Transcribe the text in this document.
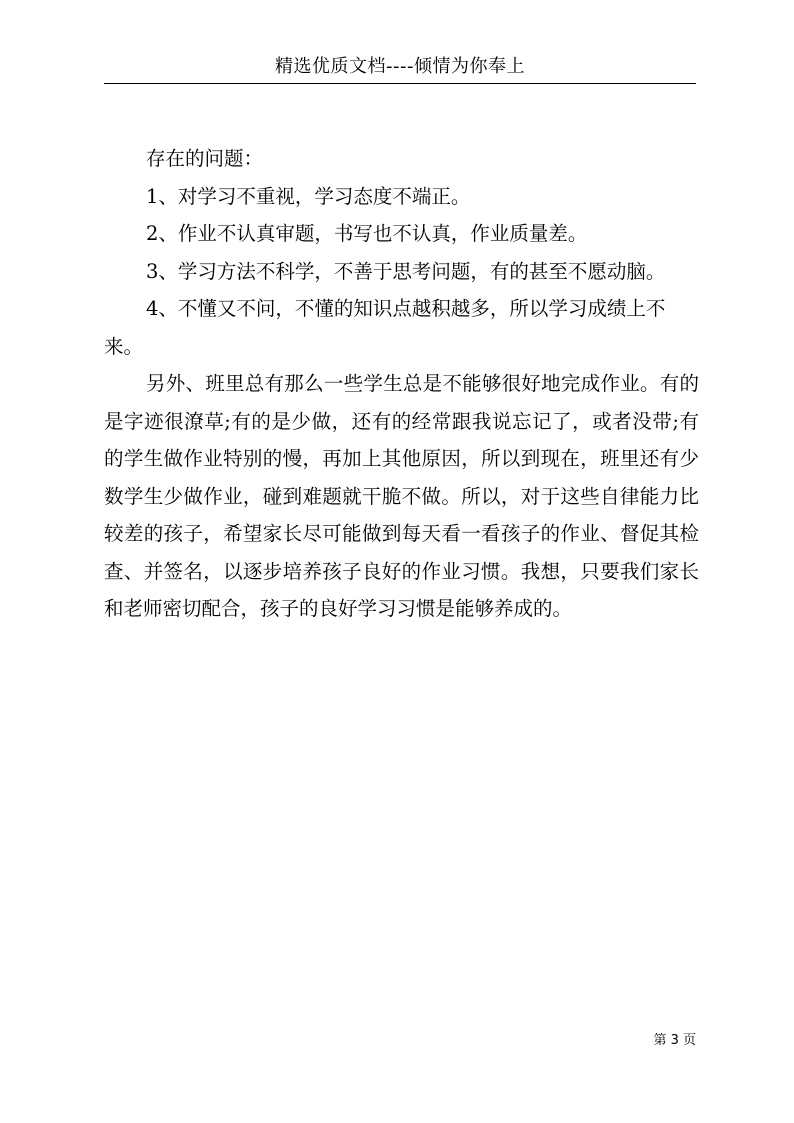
精选优质文档----倾情为你奉上

存在的问题：

1、对学习不重视，学习态度不端正。

2、作业不认真审题，书写也不认真，作业质量差。

3、学习方法不科学，不善于思考问题，有的甚至不愿动脑。

4、不懂又不问，不懂的知识点越积越多，所以学习成绩上不来。

另外、班里总有那么一些学生总是不能够很好地完成作业。有的是字迹很潦草;有的是少做，还有的经常跟我说忘记了，或者没带;有的学生做作业特别的慢，再加上其他原因，所以到现在，班里还有少数学生少做作业，碰到难题就干脆不做。所以，对于这些自律能力比较差的孩子，希望家长尽可能做到每天看一看孩子的作业、督促其检查、并签名，以逐步培养孩子良好的作业习惯。我想，只要我们家长和老师密切配合，孩子的良好学习习惯是能够养成的。

第 3 页
